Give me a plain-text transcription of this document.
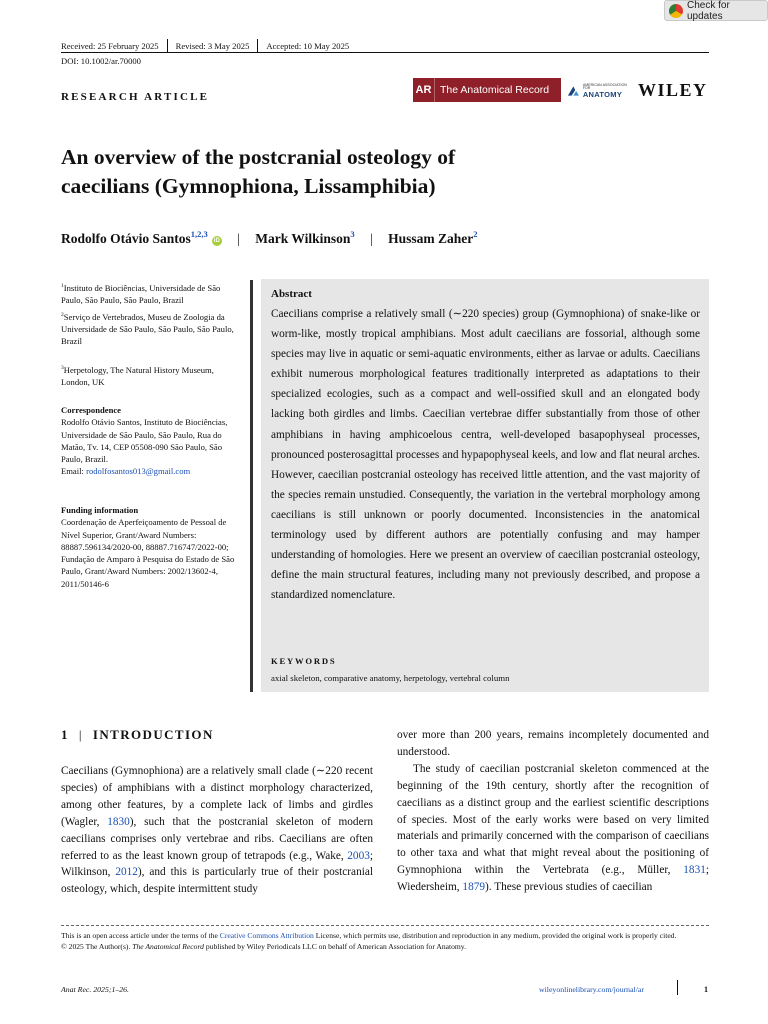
Check for updates
Received: 25 February 2025 Revised: 3 May 2025 Accepted: 10 May 2025
DOI: 10.1002/ar.70000
RESEARCH ARTICLE
AR The Anatomical Record	AMERICAN ASSOCIATION FOR
ANATOMY WILEY
An overview of the postcranial osteology of
caecilians (Gymnophiona, Lissamphibia)
Rodolfo Otávio Santos$^{1,2,3}$iD | Mark Wilkinson$^3$ | Hussam Zaher$^2$
$^1$Instituto de Biociências, Universidade de São Paulo, São Paulo, São Paulo, Brazil
$^2$Serviço de Vertebrados, Museu de Zoologia da Universidade de São Paulo, São Paulo, São Paulo, Brazil
$^3$Herpetology, The Natural History Museum, London, UK
Correspondence
Rodolfo Otávio Santos, Instituto de Biociências, Universidade de São Paulo, São Paulo, Rua do Matão, Tv. 14, CEP 05508-090 São Paulo, São Paulo, Brazil.
Email: rodolfosantos013@gmail.com
Funding information
Coordenação de Aperfeiçoamento de Pessoal de Nível Superior, Grant/Award Numbers: 88887.596134/2020-00, 88887.716747/2022-00; Fundação de Amparo à Pesquisa do Estado de São Paulo, Grant/Award Numbers: 2002/13602-4, 2011/50146-6
Abstract
Caecilians comprise a relatively small (∼220 species) group (Gymnophiona) of snake-like or worm-like, mostly tropical amphibians. Most adult caecilians are fossorial, although some species may live in aquatic or semi-aquatic environments, either as larvae or adults. Caecilians exhibit numerous morphological features traditionally interpreted as adaptations to their specialized ecologies, such as a compact and well-ossified skull and an elongated body lacking both girdles and limbs. Caecilian vertebrae differ substantially from those of other amphibians in having amphicoelous centra, well-developed basapophyseal processes, pronounced posterosagittal processes and hypapophyseal keels, and low and flat neural arches. However, caecilian postcranial osteology has received little attention, and the vast majority of the species remain unstudied. Consequently, the variation in the vertebral morphology among caecilians is still unknown or poorly documented. Inconsistencies in the anatomical terminology used by different authors are potentially confusing and may hamper understanding of homologies. Here we present an overview of caecilian postcranial osteology, define the main structural features, including many not previously described, and propose a standardized nomenclature.
KEYWORDS
axial skeleton, comparative anatomy, herpetology, vertebral column
1 | INTRODUCTION

Caecilians (Gymnophiona) are a relatively small clade (∼220 recent species) of amphibians with a distinct morphology characterized, among other features, by a complete lack of limbs and girdles (Wagler, 1830), such that the postcranial skeleton of modern caecilians comprises only vertebrae and ribs. Caecilians are often referred to as the least known group of tetrapods (e.g., Wake, 2003; Wilkinson, 2012), and this is particularly true of their postcranial osteology, which, despite intermittent study

over more than 200 years, remains incompletely documented and understood.

The study of caecilian postcranial skeleton commenced at the beginning of the 19th century, shortly after the recognition of caecilians as a distinct group and the earliest scientific descriptions of species. Most of the early works were based on very limited materials and primarily concerned with the comparison of caecilians to other taxa and what that might reveal about the positioning of Gymnophiona within the Vertebrata (e.g., Müller, 1831; Wiedersheim, 1879). These previous studies of caecilian

This is an open access article under the terms of the Creative Commons Attribution License, which permits use, distribution and reproduction in any medium, provided the original work is properly cited.
© 2025 The Author(s). The Anatomical Record published by Wiley Periodicals LLC on behalf of American Association for Anatomy.
Anat Rec. 2025;1–26.	wileyonlinelibrary.com/journal/ar	1
